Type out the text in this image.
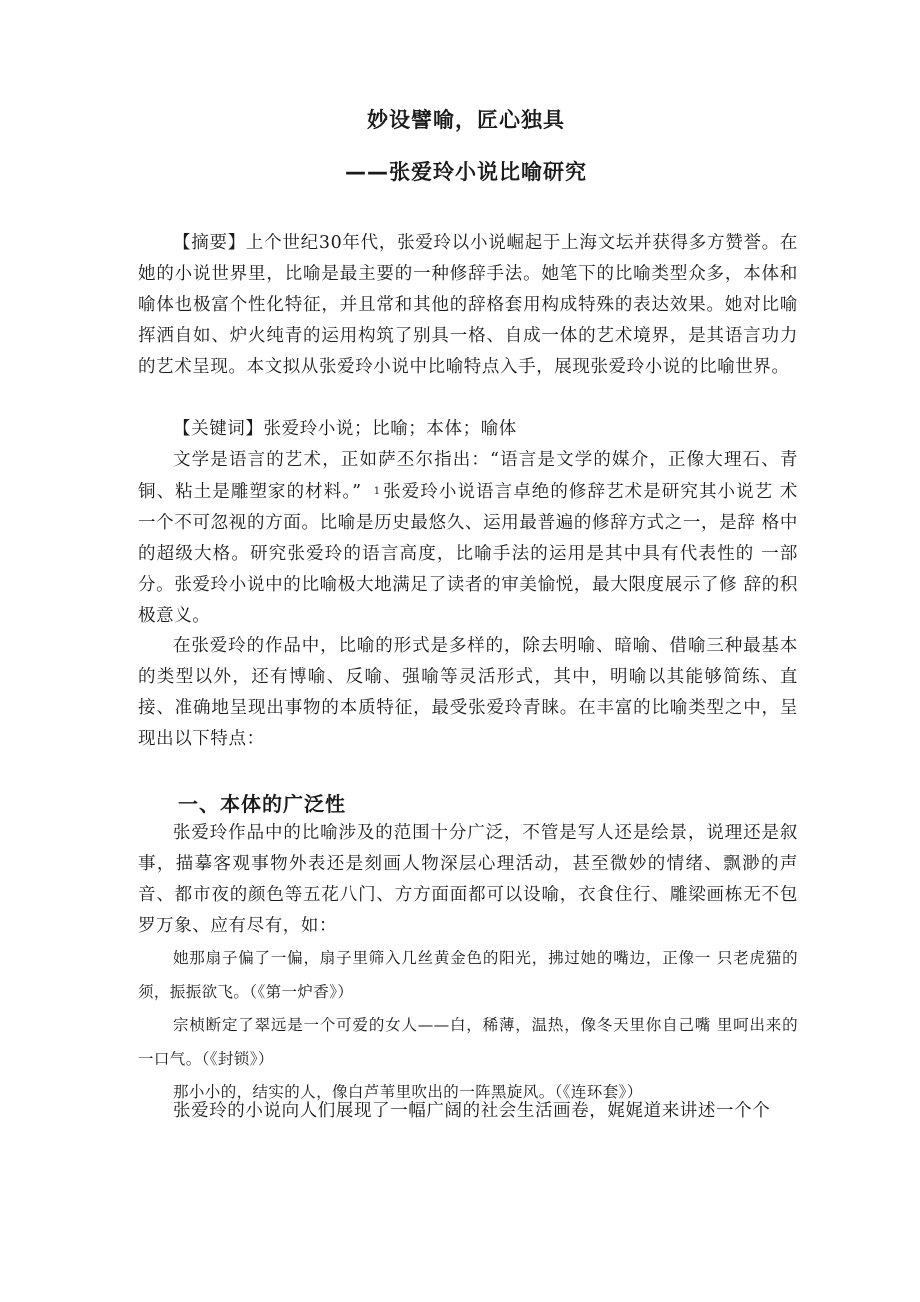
妙设譬喻，匠心独具
——张爱玲小说比喻研究

【摘要】上个世纪30年代，张爱玲以小说崛起于上海文坛并获得多方赞誉。在她的小说世界里，比喻是最主要的一种修辞手法。她笔下的比喻类型众多，本体和喻体也极富个性化特征，并且常和其他的辞格套用构成特殊的表达效果。她对比喻挥洒自如、炉火纯青的运用构筑了别具一格、自成一体的艺术境界，是其语言功力的艺术呈现。本文拟从张爱玲小说中比喻特点入手，展现张爱玲小说的比喻世界。

【关键词】张爱玲小说；比喻；本体；喻体

文学是语言的艺术，正如萨丕尔指出：“语言是文学的媒介，正像大理石、青铜、粘土是雕塑家的材料。” $^1$ 张爱玲小说语言卓绝的修辞艺术是研究其小说艺 术一个不可忽视的方面。比喻是历史最悠久、运用最普遍的修辞方式之一，是辞 格中的超级大格。研究张爱玲的语言高度，比喻手法的运用是其中具有代表性的 一部分。张爱玲小说中的比喻极大地满足了读者的审美愉悦，最大限度展示了修 辞的积极意义。

在张爱玲的作品中，比喻的形式是多样的，除去明喻、暗喻、借喻三种最基本的类型以外，还有博喻、反喻、强喻等灵活形式，其中，明喻以其能够简练、直接、准确地呈现出事物的本质特征，最受张爱玲青睐。在丰富的比喻类型之中，呈现出以下特点：

一、本体的广泛性

张爱玲作品中的比喻涉及的范围十分广泛，不管是写人还是绘景，说理还是叙事，描摹客观事物外表还是刻画人物深层心理活动，甚至微妙的情绪、飘渺的声音、都市夜的颜色等五花八门、方方面面都可以设喻，衣食住行、雕梁画栋无不包罗万象、应有尽有，如：

她那扇子偏了一偏，扇子里筛入几丝黄金色的阳光，拂过她的嘴边，正像一 只老虎猫的须，振振欲飞。（《第一炉香》）

宗桢断定了翠远是一个可爱的女人——白，稀薄，温热，像冬天里你自己嘴 里呵出来的一口气。（《封锁》）

那小小的，结实的人，像白芦苇里吹出的一阵黑旋风。（《连环套》）

张爱玲的小说向人们展现了一幅广阔的社会生活画卷，娓娓道来讲述一个个
